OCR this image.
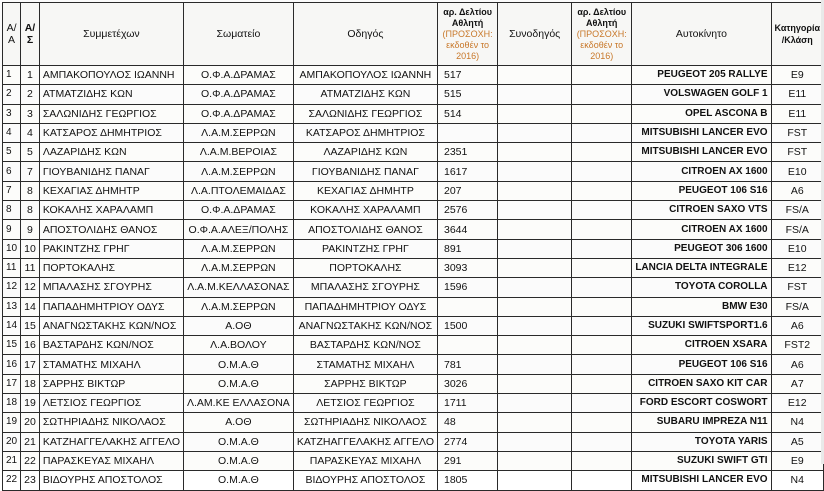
Α/Α	Α/Σ	Συμμετέχων	Σωματείο	Οδηγός	αρ. Δελτίου Αθλητή
(ΠΡΟΣΟΧΗ: εκδοθέν το 2016)	Συνοδηγός	αρ. Δελτίου Αθλητή
(ΠΡΟΣΟΧΗ: εκδοθέν το 2016)	Αυτοκίνητο	Κατηγορία /Κλάση
1	1	ΑΜΠΑΚΟΠΟΥΛΟΣ ΙΩΑΝΝΗ	Ο.Φ.Α.ΔΡΑΜΑΣ	ΑΜΠΑΚΟΠΟΥΛΟΣ ΙΩΑΝΝΗ	517			PEUGEOT 205 RALLYE	E9
2	2	ΑΤΜΑΤΖΙΔΗΣ ΚΩΝ	Ο.Φ.Α.ΔΡΑΜΑΣ	ΑΤΜΑΤΖΙΔΗΣ ΚΩΝ	515			VOLSWAGEN GOLF 1	E11
3	3	ΣΑΛΩΝΙΔΗΣ ΓΕΩΡΓΙΟΣ	Ο.Φ.Α.ΔΡΑΜΑΣ	ΣΑΛΩΝΙΔΗΣ ΓΕΩΡΓΙΟΣ	514			OPEL ASCONA B	E11
4	4	ΚΑΤΣΑΡΟΣ ΔΗΜΗΤΡΙΟΣ	Λ.Α.Μ.ΣΕΡΡΩΝ	ΚΑΤΣΑΡΟΣ ΔΗΜΗΤΡΙΟΣ				MITSUBISHI LANCER EVO	FST
5	5	ΛΑΖΑΡΙΔΗΣ ΚΩΝ	Λ.Α.Μ.ΒΕΡΟΙΑΣ	ΛΑΖΑΡΙΔΗΣ ΚΩΝ	2351			MITSUBISHI LANCER EVO	FST
6	7	ΓΙΟΥΒΑΝΙΔΗΣ ΠΑΝΑΓ	Λ.Α.Μ.ΣΕΡΡΩΝ	ΓΙΟΥΒΑΝΙΔΗΣ ΠΑΝΑΓ	1617			CITROEN AX 1600	E10
7	8	ΚΕΧΑΓΙΑΣ ΔΗΜΗΤΡ	Λ.Α.ΠΤΟΛΕΜΑΙΔΑΣ	ΚΕΧΑΓΙΑΣ ΔΗΜΗΤΡ	207			PEUGEOT 106 S16	A6
8	8	ΚΟΚΑΛΗΣ ΧΑΡΑΛΑΜΠ	Ο.Φ.Α.ΔΡΑΜΑΣ	ΚΟΚΑΛΗΣ ΧΑΡΑΛΑΜΠ	2576			CITROEN SAXO VTS	FS/A
9	9	ΑΠΟΣΤΟΛΙΔΗΣ ΘΑΝΟΣ	Ο.Φ.Α.ΑΛΕΞ/ΠΟΛΗΣ	ΑΠΟΣΤΟΛΙΔΗΣ ΘΑΝΟΣ	3644			CITROEN AX 1600	FS/A
10	10	ΡΑΚΙΝΤΖΗΣ ΓΡΗΓ	Λ.Α.Μ.ΣΕΡΡΩΝ	ΡΑΚΙΝΤΖΗΣ ΓΡΗΓ	891			PEUGEOT 306 1600	E10
11	11	ΠΟΡΤΟΚΑΛΗΣ	Λ.Α.Μ.ΣΕΡΡΩΝ	ΠΟΡΤΟΚΑΛΗΣ	3093			LANCIA DELTA INTEGRALE	E12
12	12	ΜΠΑΛΑΣΗΣ ΣΓΟΥΡΗΣ	Λ.Α.Μ.ΚΕΛΛΑΣΟΝΑΣ	ΜΠΑΛΑΣΗΣ ΣΓΟΥΡΗΣ	1596			TOYOTA COROLLA	FST
13	14	ΠΑΠΑΔΗΜΗΤΡΙΟΥ ΟΔΥΣ	Λ.Α.Μ.ΣΕΡΡΩΝ	ΠΑΠΑΔΗΜΗΤΡΙΟΥ ΟΔΥΣ				BMW E30	FS/A
14	15	ΑΝΑΓΝΩΣΤΑΚΗΣ ΚΩΝ/ΝΟΣ	Α.ΟΘ	ΑΝΑΓΝΩΣΤΑΚΗΣ ΚΩΝ/ΝΟΣ	1500			SUZUKI SWIFTSPORT1.6	A6
15	16	ΒΑΣΤΑΡΔΗΣ ΚΩΝ/ΝΟΣ	Λ.Α.ΒΟΛΟΥ	ΒΑΣΤΑΡΔΗΣ ΚΩΝ/ΝΟΣ				CITROEN XSARA	FST2
16	17	ΣΤΑΜΑΤΗΣ ΜΙΧΑΗΛ	Ο.Μ.Α.Θ	ΣΤΑΜΑΤΗΣ ΜΙΧΑΗΛ	781			PEUGEOT 106 S16	A6
17	18	ΣΑΡΡΗΣ ΒΙΚΤΩΡ	Ο.Μ.Α.Θ	ΣΑΡΡΗΣ ΒΙΚΤΩΡ	3026			CITROEN SAXO KIT CAR	A7
18	19	ΛΕΤΣΙΟΣ ΓΕΩΡΓΙΟΣ	Λ.ΑΜ.ΚΕ ΕΛΛΑΣΟΝΑ	ΛΕΤΣΙΟΣ ΓΕΩΡΓΙΟΣ	1711			FORD ESCORT COSWORT	E12
19	20	ΣΩΤΗΡΙΑΔΗΣ ΝΙΚΟΛΑΟΣ	Α.ΟΘ	ΣΩΤΗΡΙΑΔΗΣ ΝΙΚΟΛΑΟΣ	48			SUBARU IMPREZA N11	N4
20	21	ΚΑΤΖΗΑΓΓΕΛΑΚΗΣ ΑΓΓΕΛΟ	Ο.Μ.Α.Θ	ΚΑΤΖΗΑΓΓΕΛΑΚΗΣ ΑΓΓΕΛΟ	2774			TOYOTA YARIS	A5
21	22	ΠΑΡΑΣΚΕΥΑΣ ΜΙΧΑΗΛ	Ο.Μ.Α.Θ	ΠΑΡΑΣΚΕΥΑΣ ΜΙΧΑΗΛ	291			SUZUKI SWIFT GTI	E9
22	23	ΒΙΔΟΥΡΗΣ ΑΠΟΣΤΟΛΟΣ	Ο.Μ.Α.Θ	ΒΙΔΟΥΡΗΣ ΑΠΟΣΤΟΛΟΣ	1805			MITSUBISHI LANCER EVO	N4
